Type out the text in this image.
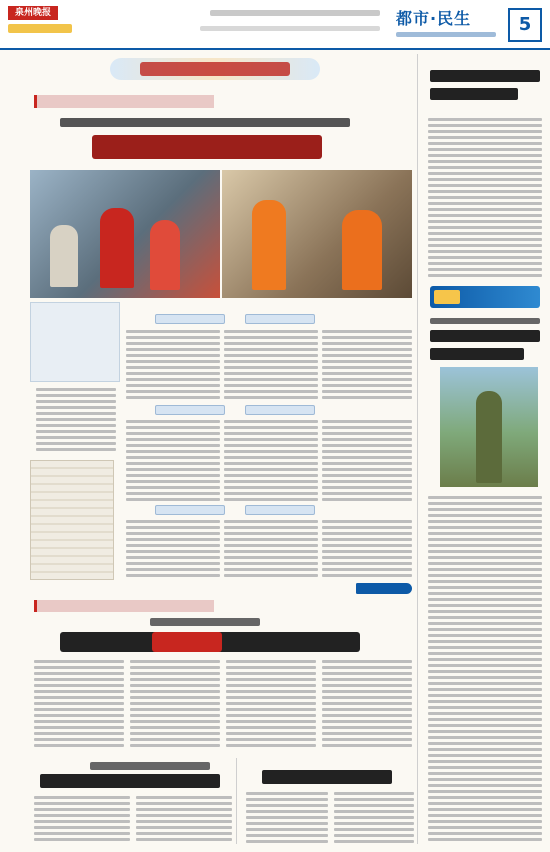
泉州晚报	都市·民生	5
